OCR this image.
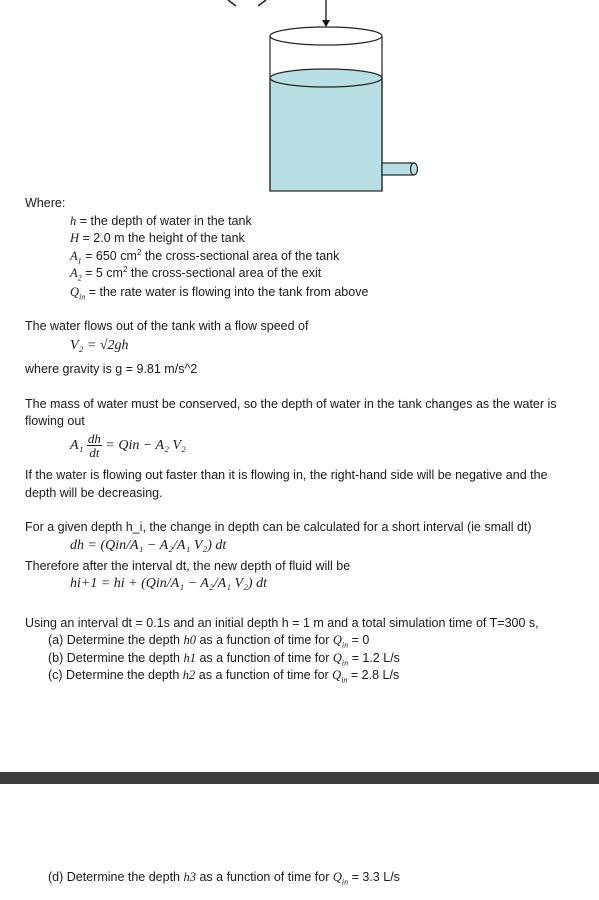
Where:
h = the depth of water in the tank
H = 2.0 m the height of the tank
$A_1 = 650$ $cm^2$ the cross-sectional area of the tank
$A_2 = 5$ $cm^2$ the cross-sectional area of the exit
$Q_{in}$ = the rate water is flowing into the tank from above
The water flows out of the tank with a flow speed of
V₂ = √2gh
where gravity is g = 9.81 m/s^2
The mass of water must be conserved, so the depth of water in the tank changes as the water is
flowing out
$A_1 \frac{dh}{dt}$ = Qin − A₂ V₂
If the water is flowing out faster than it is flowing in, the right-hand side will be negative and the
depth will be decreasing.
For a given depth h_i, the change in depth can be calculated for a short interval (ie small dt)
dh = (Qin/A₁ − A₂/A₁ V₂) dt
Therefore after the interval dt, the new depth of fluid will be
hi+1 = hi + (Qin/A₁ − A₂/A₁ V₂) dt
Using an interval dt = 0.1s and an initial depth h = 1 m and a total simulation time of T=300 s,
(a) Determine the depth h0 as a function of time for $Q_{in} = 0$
(b) Determine the depth h1 as a function of time for $Q_{in} = 1.2$ L/s
(c) Determine the depth h2 as a function of time for $Q_{in} = 2.8$ L/s
(d) Determine the depth h3 as a function of time for $Q_{in} = 3.3$ L/s
